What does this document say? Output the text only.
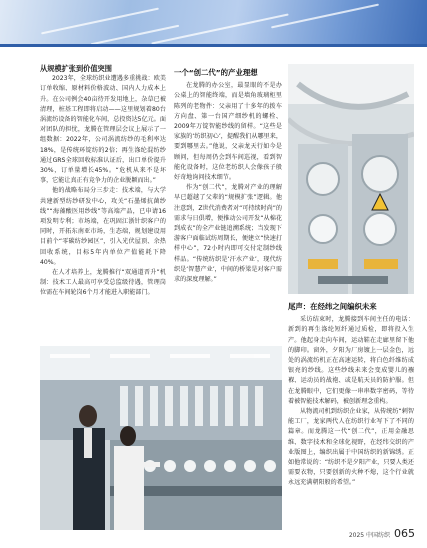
从规模扩张到价值突围

2023年，全球纺织业遭遇多重挑战：欧美订单收缩、原材料价格波动、国内人力成本上升。在公司例会40亩待开发用地上，杂草已被清理，桩基工程即将启动——这里规划着80台涡流纺设备的智能化车间，总投资达5亿元。面对团队的担忧，龙腾在管理层会议上展示了一组数据：2022年，公司涡流纺纱的毛利率达18%，是传统环锭纺的2倍；再生涤纶混纺纱通过GRS全球回收标准认证后，出口单价提升30%，订单量增长45%。“危机从来不是坏事，它能让真正有竞争力的企业脱颖而出。”

他的战略布局分三步走：技术端，与大学共建新型纺纱研发中心，攻关“石墨烯抗菌纱线”“海藻酸医用纱线”等高端产品，已申请16项发明专利；市场端，在巩固江浙针织客户的同时，开拓东南亚市场，生态端，规划建设用目前个“零碳纺纱园区”，引入光伏屋顶、余热回收系统，目标5年内单位产值能耗下降40%。

在人才培养上，龙腾推行“双通道晋升”机制：技术工人最高可享受总监级待遇，管理岗位需在车间轮岗6个月才能进入职能部门。

一个“创二代”的产业理想

在龙腾的办公室，最显眼的不是办公桌上的智能终端，而是墙角玻璃柜里陈列的老物件：父亲用了十多年的拨车方向盘、第一台国产细纱机的螺栓、2009年万锭智能纱线的留样。“这些是家族的‘纺织初心’，提醒我们从哪里来，要到哪里去。”他说，父亲龙天行如今是顾问，但每周仍会到车间巡视，看到智能化设备时，这位老纺织人会像孩子般好奇地询问技术细节。

作为“创二代”，龙腾对产业的理解早已超越了父辈的“规模扩张”逻辑。他注意到，Z世代消费者对“可持续时尚”的需求与日俱增，便推动公司开发“从棉花到成衣”的全产业链追溯系统；当发现下游客户面临试纺周期长，便建立“快速打样中心”，72小时内即可交付定制纱线样品。“传统纺织是‘汗水产业’，现代纺织是‘智慧产业’，中间的桥梁是对客户需求的深度理解。”

尾声：在经纬之间编织未来

采访结束时，龙腾接到车间主任的电话：新到的再生涤纶短纤通过质检，即将投入生产。他起身走向车间，运动鞋在走廊里留下他的脚印。窗外，夕阳为厂房镀上一层金色，远处的涡流纺机正在高速运转，将白色纤维纺成银亮的纱线。这些纱线未来会变成婴儿的襁褓、运动员的战袍、或是航天员的防护服。但在龙腾眼中，它们更像一串串数字密码，等待着被智能技术解码，被创新理念重构。

从物流司机到纺织企业家，从传统纺“刺智能工厂，龙家两代人在纺织行业写下了不同的篇章。而龙腾这一代“创二代”，正用金融思维、数字技术和全球化视野，在经纬交织的产业版图上，编织出属于中国纺织的新锦绣。正如他常说的：“纺织不是夕阳产业，只要人类还需要衣物，只要创新的火种不熄，这个行业就永远充满朝阳般的希望。”

2025 中国纺织 065
